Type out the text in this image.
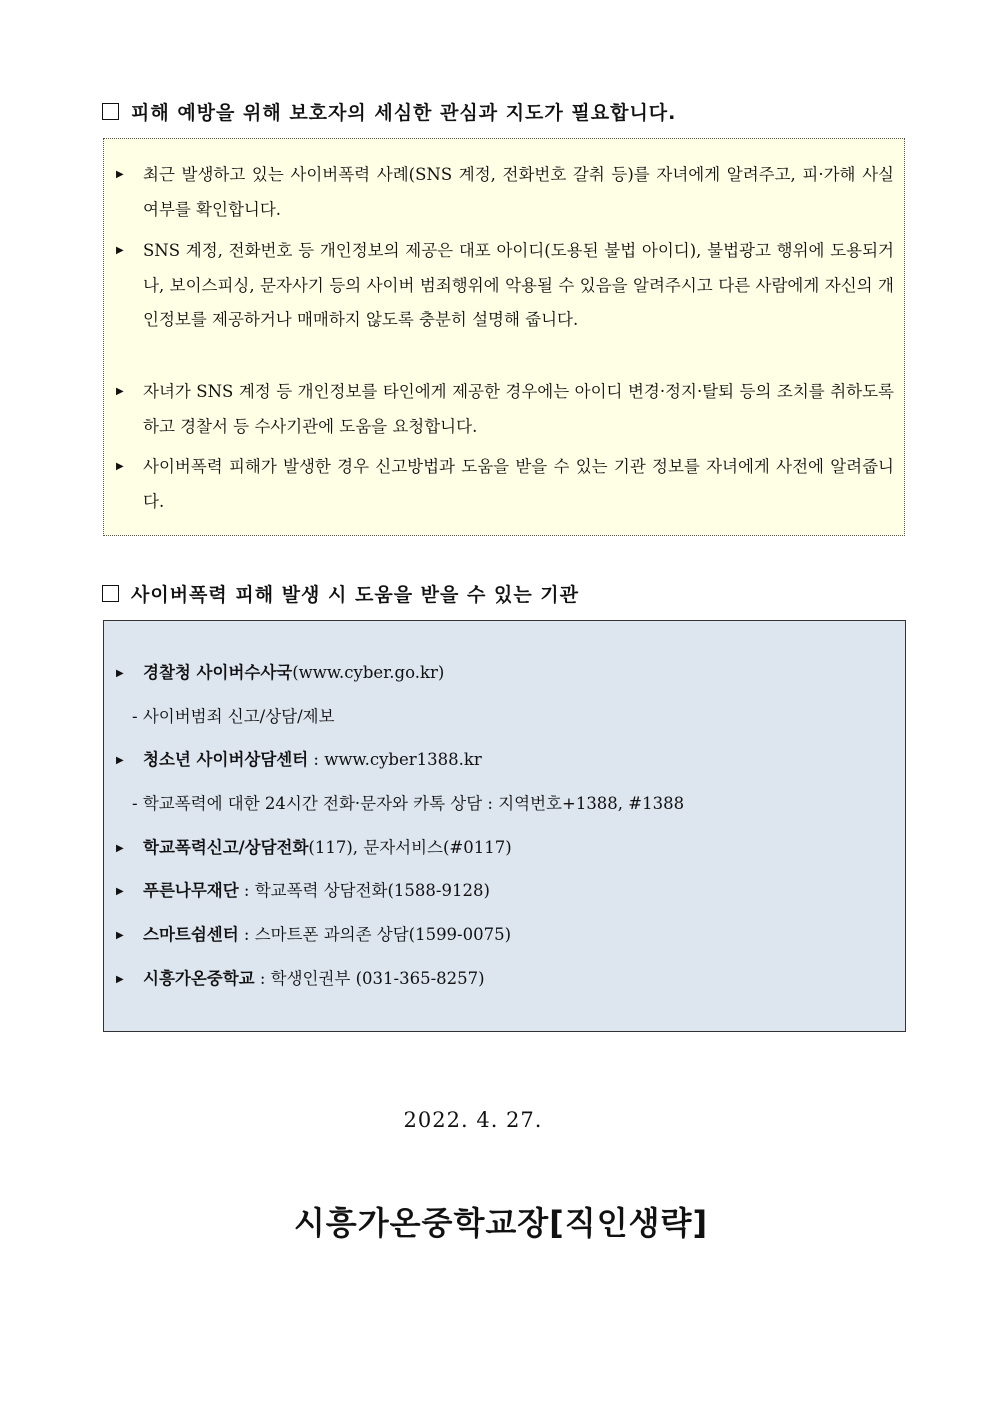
피해 예방을 위해 보호자의 세심한 관심과 지도가 필요합니다.
▶ 최근 발생하고 있는 사이버폭력 사례(SNS 계정, 전화번호 갈취 등)를 자녀에게 알려주고, 피·가해 사실 여부를 확인합니다.
▶ SNS 계정, 전화번호 등 개인정보의 제공은 대포 아이디(도용된 불법 아이디), 불법광고 행위에 도용되거나, 보이스피싱, 문자사기 등의 사이버 범죄행위에 악용될 수 있음을 알려주시고 다른 사람에게 자신의 개인정보를 제공하거나 매매하지 않도록 충분히 설명해 줍니다.
▶ 자녀가 SNS 계정 등 개인정보를 타인에게 제공한 경우에는 아이디 변경·정지·탈퇴 등의 조치를 취하도록 하고 경찰서 등 수사기관에 도움을 요청합니다.
▶ 사이버폭력 피해가 발생한 경우 신고방법과 도움을 받을 수 있는 기관 정보를 자녀에게 사전에 알려줍니다.
사이버폭력 피해 발생 시 도움을 받을 수 있는 기관
▶ 경찰청 사이버수사국(www.cyber.go.kr)
- 사이버범죄 신고/상담/제보
▶ 청소년 사이버상담센터 : www.cyber1388.kr
- 학교폭력에 대한 24시간 전화·문자와 카톡 상담 : 지역번호+1388, #1388
▶ 학교폭력신고/상담전화(117), 문자서비스(#0117)
▶ 푸른나무재단 : 학교폭력 상담전화(1588-9128)
▶ 스마트쉼센터 : 스마트폰 과의존 상담(1599-0075)
▶ 시흥가온중학교 : 학생인권부 (031-365-8257)
2022. 4. 27.
시흥가온중학교장[직인생략]
